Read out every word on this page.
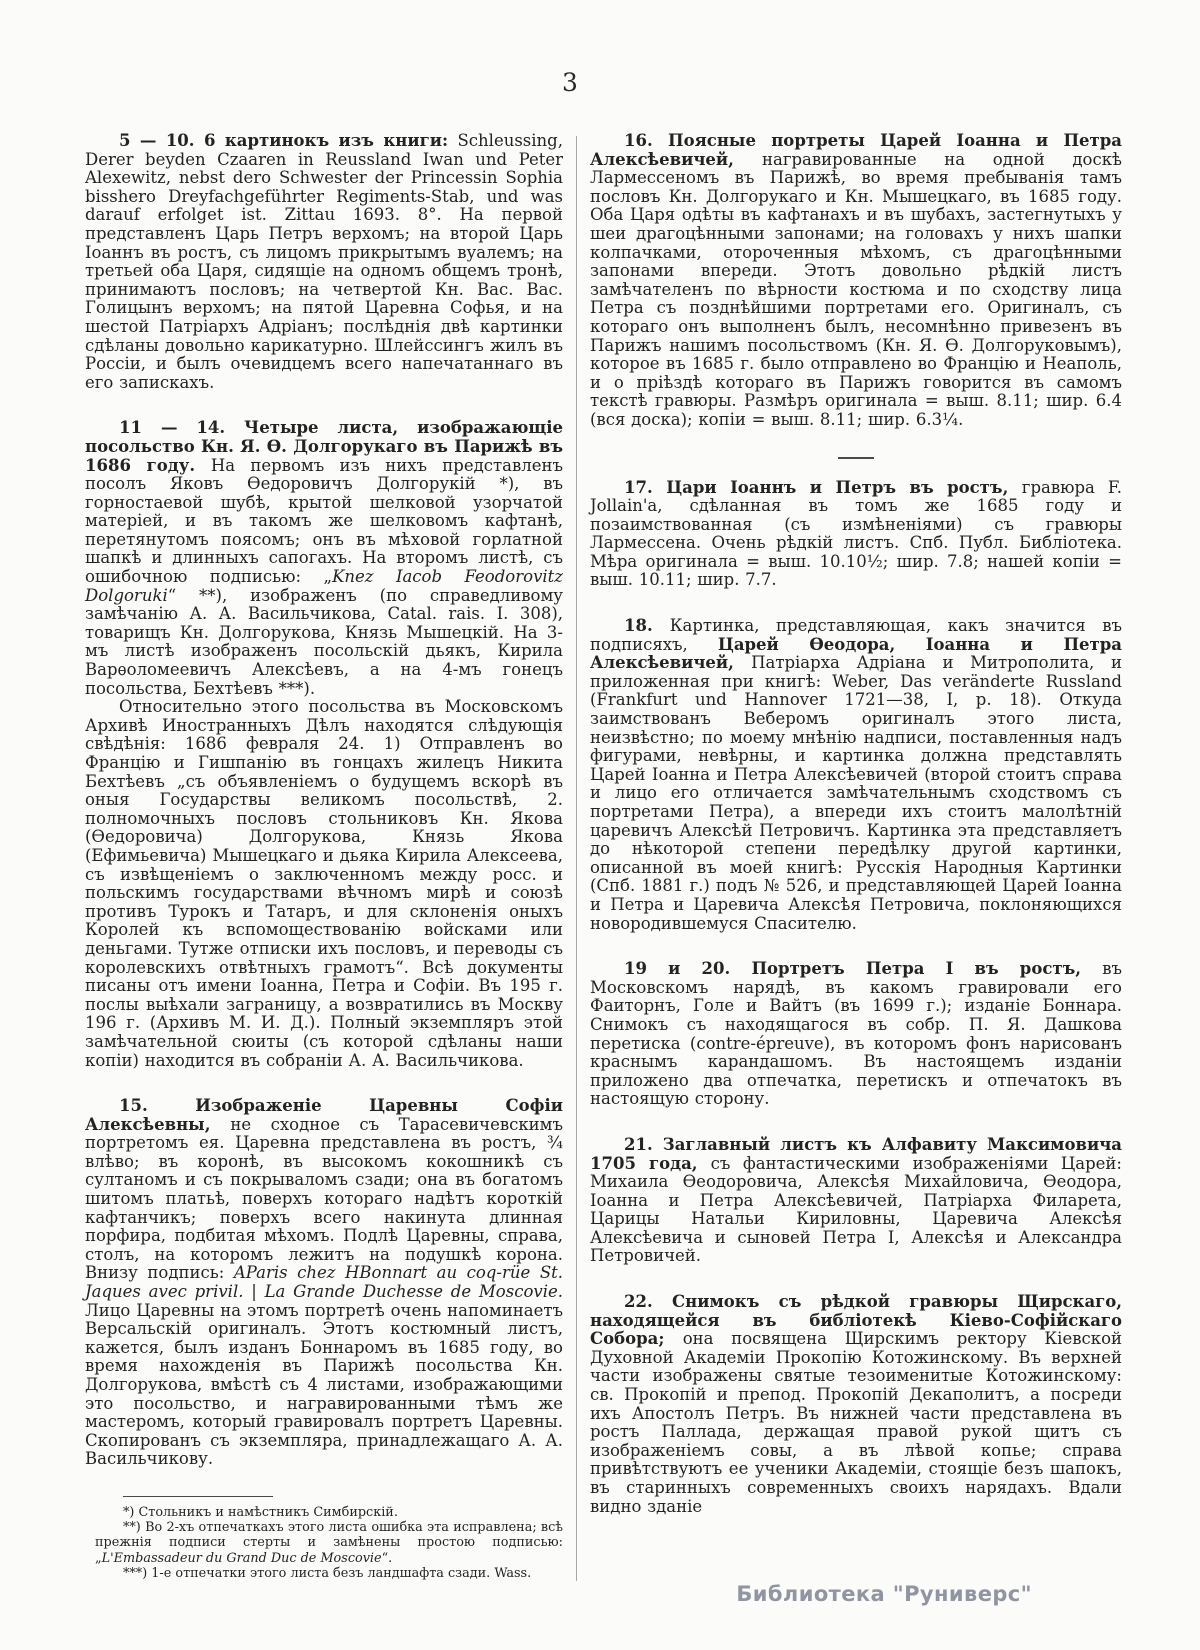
3

5 — 10. 6 картинокъ изъ книги: Schleussing, Derer beyden Czaaren in Reussland Iwan und Peter Alexewitz, nebst dero Schwester der Princessin Sophia bisshero Dreyfachgeführter Regiments-Stab, und was darauf erfolget ist. Zittau 1693. 8°. На первой представленъ Царь Петръ верхомъ; на второй Царь Іоаннъ въ ростъ, съ лицомъ прикрытымъ вуалемъ; на третьей оба Царя, сидящіе на одномъ общемъ тронѣ, принимаютъ пословъ; на четвертой Кн. Вас. Вас. Голицынъ верхомъ; на пятой Царевна Софья, и на шестой Патріархъ Адріанъ; послѣднія двѣ картинки сдѣланы довольно карикатурно. Шлейссингъ жилъ въ Россіи, и былъ очевидцемъ всего напечатаннаго въ его запискахъ.

11 — 14. Четыре листа, изображающіе посольство Кн. Я. Ѳ. Долгорукаго въ Парижѣ въ 1686 году. На первомъ изъ нихъ представленъ посолъ Яковъ Ѳедоровичъ Долгорукій *), въ горностаевой шубѣ, крытой шелковой узорчатой матеріей, и въ такомъ же шелковомъ кафтанѣ, перетянутомъ поясомъ; онъ въ мѣховой горлатной шапкѣ и длинныхъ сапогахъ. На второмъ листѣ, съ ошибочною подписью: „Knez Iacob Feodorovitz Dolgoruki“ **), изображенъ (по справедливому замѣчанію А. А. Васильчикова, Catal. rais. I. 308), товарищъ Кн. Долгорукова, Князь Мышецкій. На 3-мъ листѣ изображенъ посольскій дьякъ, Кирила Варѳоломеевичъ Алексѣевъ, а на 4-мъ гонецъ посольства, Бехтѣевъ ***).

Относительно этого посольства въ Московскомъ Архивѣ Иностранныхъ Дѣлъ находятся слѣдующія свѣдѣнія: 1686 февраля 24. 1) Отправленъ во Францію и Гишпанію въ гонцахъ жилецъ Никита Бехтѣевъ „съ объявленіемъ о будущемъ вскорѣ въ оныя Государствы великомъ посольствѣ, 2. полномочныхъ пословъ стольниковъ Кн. Якова (Ѳедоровича) Долгорукова, Князь Якова (Ефимьевича) Мышецкаго и дьяка Кирила Алексеева, съ извѣщеніемъ о заключенномъ между росс. и польскимъ государствами вѣчномъ мирѣ и союзѣ противъ Турокъ и Татаръ, и для склоненія оныхъ Королей къ вспомоществованію войсками или деньгами. Тутже отписки ихъ пословъ, и переводы съ королевскихъ отвѣтныхъ грамотъ“. Всѣ документы писаны отъ имени Іоанна, Петра и Софіи. Въ 195 г. послы выѣхали заграницу, а возвратились въ Москву 196 г. (Архивъ М. И. Д.). Полный экземпляръ этой замѣчательной сюиты (съ которой сдѣланы наши копіи) находится въ собраніи А. А. Васильчикова.

15. Изображеніе Царевны Софіи Алексѣевны, не сходное съ Тарасевичевскимъ портретомъ ея. Царевна представлена въ ростъ, ¾ влѣво; въ коронѣ, въ высокомъ кокошникѣ съ султаномъ и съ покрываломъ сзади; она въ богатомъ шитомъ платьѣ, поверхъ котораго надѣтъ короткій кафтанчикъ; поверхъ всего накинута длинная порфира, подбитая мѣхомъ. Подлѣ Царевны, справа, столъ, на которомъ лежитъ на подушкѣ корона. Внизу подпись: AParis chez HBonnart au coq-rüe St. Jaques avec privil. | La Grande Duchesse de Moscovie. Лицо Царевны на этомъ портретѣ очень напоминаетъ Версальскій оригиналъ. Этотъ костюмный листъ, кажется, былъ изданъ Боннаромъ въ 1685 году, во время нахожденія въ Парижѣ посольства Кн. Долгорукова, вмѣстѣ съ 4 листами, изображающими это посольство, и награвированными тѣмъ же мастеромъ, который гравировалъ портретъ Царевны. Скопированъ съ экземпляра, принадлежащаго А. А. Васильчикову.

*) Стольникъ и намѣстникъ Симбирскій.

**) Во 2-хъ отпечаткахъ этого листа ошибка эта исправлена; всѣ прежнія подписи стерты и замѣнены простою подписью: „L'Embassadeur du Grand Duc de Moscovie“.

***) 1-е отпечатки этого листа безъ ландшафта сзади. Wass.

16. Поясные портреты Царей Іоанна и Петра Алексѣевичей, награвированные на одной доскѣ Лармессеномъ въ Парижѣ, во время пребыванія тамъ пословъ Кн. Долгорукаго и Кн. Мышецкаго, въ 1685 году. Оба Царя одѣты въ кафтанахъ и въ шубахъ, застегнутыхъ у шеи драгоцѣнными запонами; на головахъ у нихъ шапки колпачками, отороченныя мѣхомъ, съ драгоцѣнными запонами впереди. Этотъ довольно рѣдкій листъ замѣчателенъ по вѣрности костюма и по сходству лица Петра съ позднѣйшими портретами его. Оригиналъ, съ котораго онъ выполненъ былъ, несомнѣнно привезенъ въ Парижъ нашимъ посольствомъ (Кн. Я. Ѳ. Долгоруковымъ), которое въ 1685 г. было отправлено во Францію и Неаполь, и о пріѣздѣ котораго въ Парижъ говорится въ самомъ текстѣ гравюры. Размѣръ оригинала = выш. 8.11; шир. 6.4 (вся доска); копіи = выш. 8.11; шир. 6.3¼.

17. Цари Іоаннъ и Петръ въ ростъ, гравюра F. Jollain'а, сдѣланная въ томъ же 1685 году и позаимствованная (съ измѣненіями) съ гравюры Лармессена. Очень рѣдкій листъ. Спб. Публ. Библіотека. Мѣра оригинала = выш. 10.10½; шир. 7.8; нашей копіи = выш. 10.11; шир. 7.7.

18. Картинка, представляющая, какъ значится въ подписяхъ, Царей Ѳеодора, Іоанна и Петра Алексѣевичей, Патріарха Адріана и Митрополита, и приложенная при книгѣ: Weber, Das veränderte Russland (Frankfurt und Hannover 1721—38, I, p. 18). Откуда заимствованъ Веберомъ оригиналъ этого листа, неизвѣстно; по моему мнѣнію надписи, поставленныя надъ фигурами, невѣрны, и картинка должна представлять Царей Іоанна и Петра Алексѣевичей (второй стоитъ справа и лицо его отличается замѣчательнымъ сходствомъ съ портретами Петра), а впереди ихъ стоитъ малолѣтній царевичъ Алексѣй Петровичъ. Картинка эта представляетъ до нѣкоторой степени передѣлку другой картинки, описанной въ моей книгѣ: Русскія Народныя Картинки (Спб. 1881 г.) подъ № 526, и представляющей Царей Іоанна и Петра и Царевича Алексѣя Петровича, поклоняющихся новородившемуся Спасителю.

19 и 20. Портретъ Петра I въ ростъ, въ Московскомъ нарядѣ, въ какомъ гравировали его Фаиторнъ, Голе и Вайтъ (въ 1699 г.); изданіе Боннара. Снимокъ съ находящагося въ собр. П. Я. Дашкова перетиска (contre-épreuve), въ которомъ фонъ нарисованъ краснымъ карандашомъ. Въ настоящемъ изданіи приложено два отпечатка, перетискъ и отпечатокъ въ настоящую сторону.

21. Заглавный листъ къ Алфавиту Максимовича 1705 года, съ фантастическими изображеніями Царей: Михаила Ѳеодоровича, Алексѣя Михайловича, Ѳеодора, Іоанна и Петра Алексѣевичей, Патріарха Филарета, Царицы Натальи Кириловны, Царевича Алексѣя Алексѣевича и сыновей Петра I, Алексѣя и Александра Петровичей.

22. Снимокъ съ рѣдкой гравюры Щирскаго, находящейся въ библіотекѣ Кіево-Софійскаго Собора; она посвящена Щирскимъ ректору Кіевской Духовной Академіи Прокопію Котожинскому. Въ верхней части изображены святые тезоименитые Котожинскому: св. Прокопій и препод. Прокопій Декаполитъ, а посреди ихъ Апостолъ Петръ. Въ нижней части представлена въ ростъ Паллада, держащая правой рукой щитъ съ изображеніемъ совы, а въ лѣвой копье; справа привѣтствуютъ ее ученики Академіи, стоящіе безъ шапокъ, въ старинныхъ современныхъ своихъ нарядахъ. Вдали видно зданіе

Библиотека "Руниверс"
